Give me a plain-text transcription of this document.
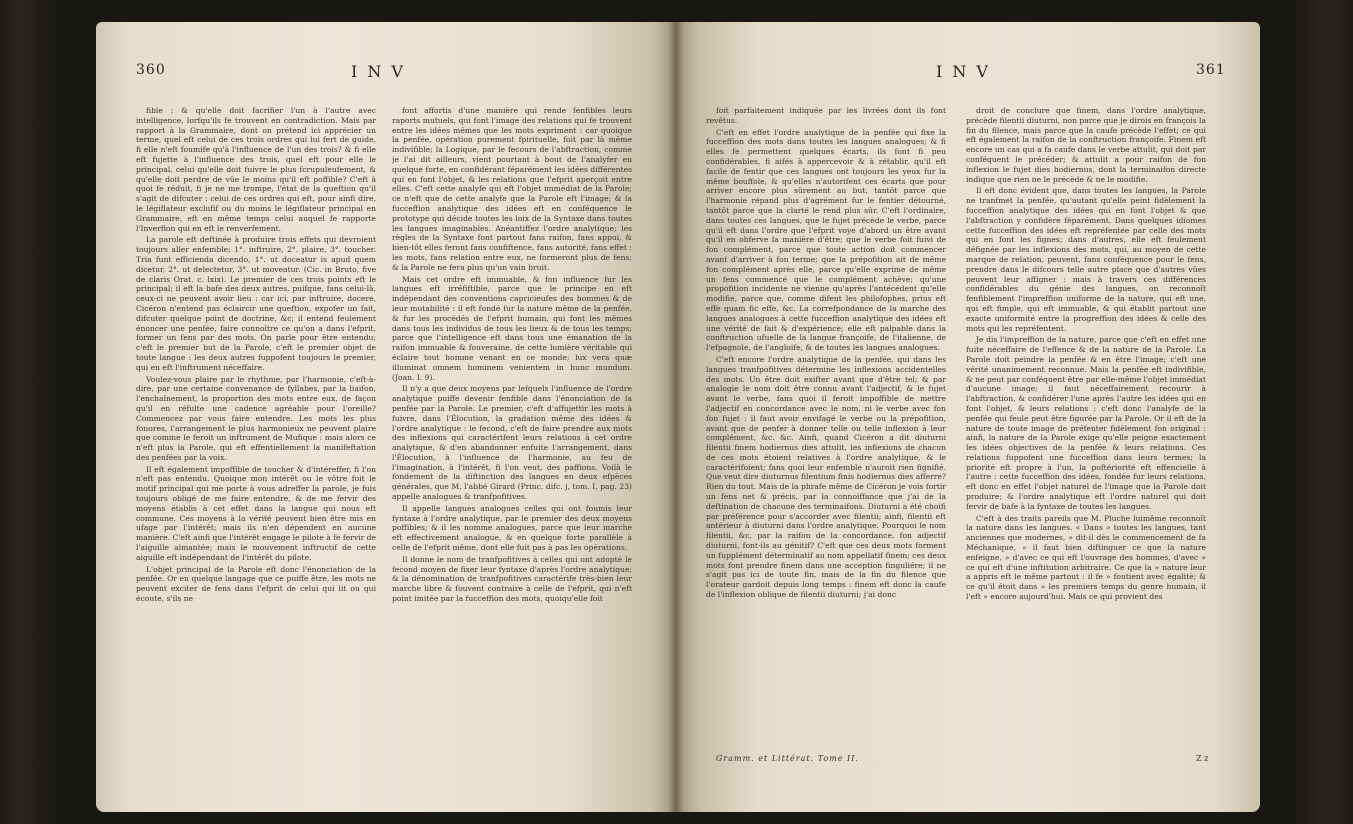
360	INV

fible ; & qu'elle doit facrifier l'un à l'autre avec intelligence, lorfqu'ils fe trouvent en contradiction. Mais par rapport à la Grammaire, dont on prétend ici apprécier un terme, quel eft celui de ces trois ordres qui lui fert de guide, fi elle n'eft foumife qu'à l'influence de l'un des trois? & fi elle eft fujette à l'influence des trois, quel eft pour elle le principal, celui qu'elle doit fuivre le plus fcrupuleufement, & qu'elle doit perdre de vûe le moins qu'il eft poffible? C'eft à quoi fe réduit, fi je ne me trompe, l'état de la queftion qu'il s'agit de difcuter : celui de ces ordres qui eft, pour ainfi dire, le légiflateur exclufif ou du moins le légiflateur principal en Grammaire, eft en même temps celui auquel fe rapporte l'Inverfion qui en eft le renverfement.

La parole eft deftinée à produire trois effets qui devroient toujours aller enfemble; 1°. inftruire, 2°. plaire, 3°. toucher. Tria funt efficienda dicendo, 1°. ut doceatur is apud quem dicetur, 2°. ut delectetur, 3°. ut moveatur. (Cic. in Bruto, five de claris Orat. c. lxix). Le premier de ces trois points eft le principal; il eft la bafe des deux autres, puifque, fans celui-là, ceux-ci ne peuvent avoir lieu : car ici, par inftruire, docere, Cicéron n'entend pas éclaircir une queftion, expofer un fait, difcuter quelque point de doctrine, &c; il entend feulement énoncer une penfée, faire connoître ce qu'on a dans l'efprit, former un fens par des mots. On parle pour être entendu; c'eft le premier but de la Parole, c'eft le premier objet de toute langue : les deux autres fuppofent toujours le premier, qui en eft l'inftrument néceffaire.

Voulez-vous plaire par le rhythme, par l'harmonie, c'eft-à-dire, par une certaine convenance de fyllabes, par la liaifon, l'enchaînement, la proportion des mots entre eux, de façon qu'il en réfulte une cadence agréable pour l'oreille? Commencez par vous faire entendre. Les mots les plus fonores, l'arrangement le plus harmonieux ne peuvent plaire que comme le feroit un inftrument de Mufique : mais alors ce n'eft plus la Parole, qui eft effentiellement la manifeftation des penfées par la voix.

Il eft également impoffible de toucher & d'intéreffer, fi l'on n'eft pas entendu. Quoique mon intérêt ou le vôtre foit le motif principal qui me porte à vous adreffer la parole, je fuis toujours obligé de me faire entendre, & de me fervir des moyens établis à cet effet dans la langue qui nous eft commune. Ces moyens à la vérité peuvent bien être mis en ufage par l'intérêt; mais ils n'en dépendent en aucune manière. C'eft ainfi que l'intérêt engage le pilote à fe fervir de l'aiguille aimantée; mais le mouvement inftructif de cette aiguille eft indépendant de l'intérêt du pilote.

L'objet principal de la Parole eft donc l'énonciation de la penfée. Or en quelque langage que ce puiffe être, les mots ne peuvent exciter de fens dans l'efprit de celui qui lit ou qui écoute, s'ils ne

font affortis d'une manière qui rende fenfibles leurs raports mutuels, qui font l'image des relations qui fe trouvent entre les idées mêmes que les mots expriment : car quoique la penfée, opération purement fpirituelle, foit par là même indivifible; la Logique, par le fecours de l'abftraction, comme je l'ai dit ailleurs, vient pourtant à bout de l'analyfer en quelque forte, en confidérant féparément les idées différentes qui en font l'objet, & les relations que l'efprit aperçoit entre elles. C'eft cette analyfe qui eft l'objet immédiat de la Parole; ce n'eft que de cette analyfe que la Parole eft l'image; & la fucceffion analytique des idées eft en conféquence le prototype qui décide toutes les loix de la Syntaxe dans toutes les langues imaginables. Anéantiffez l'ordre analytique; les règles de la Syntaxe font partout fans raifon, fans appui, & bien-tôt elles feront fans confiftence, fans autorité, fans effet : les mots, fans relation entre eux, ne formeront plus de fens; & la Parole ne fera plus qu'un vain bruit.

Mais cet ordre eft immuable, & fon influence fur les langues eft irréfiftible, parce que le principe en eft indépendant des conventions capricieufes des hommes & de leur mutabilité : il eft fondé fur la nature même de la penfée, & fur les procédés de l'efprit humain, qui font les mêmes dans tous les individus de tous les lieux & de tous les temps; parce que l'intelligence eft dans tous une émanation de la raifon immuable & fouveraine, de cette lumière véritable qui éclaire tout homme venant en ce monde; lux vera quæ illuminat omnem hominem venientem in hunc mundum. (Joan. I. 9).

Il n'y a que deux moyens par lefquels l'influence de l'ordre analytique puiffe devenir fenfible dans l'énonciation de la penfée par la Parole. Le premier, c'eft d'affujettir les mots à fuivre, dans l'Élocution, la gradation même des idées & l'ordre analytique : le fecond, c'eft de faire prendre aux mots des inflexions qui caractérifent leurs relations à cet ordre analytique, & d'en abandonner enfuite l'arrangement, dans l'Élocution, à l'influence de l'harmonie, au feu de l'imagination, à l'intérêt, fi l'on veut, des paffions. Voilà le fondement de la diftinction des langues en deux efpèces générales, que M. l'abbé Girard (Princ. difc. j, tom. I, pag. 23) appelle analogues & tranfpofitives.

Il appelle langues analogues celles qui ont foumis leur fyntaxe à l'ordre analytique, par le premier des deux moyens poffibles; & il les nomme analogues, parce que leur marche eft effectivement analogue, & en quelque forte parallèle à celle de l'efprit même, dont elle fuit pas à pas les opérations.

Il donne le nom de tranfpofitives à celles qui ont adopté le fecond moyen de fixer leur fyntaxe d'après l'ordre analytique; & la dénomination de tranfpofitives caractérife très-bien leur marche libre & fouvent contraire à celle de l'efprit, qui n'eft point imitée par la fucceffion des mots, quoiqu'elle foit

INV	361

foit parfaitement indiquée par les livrées dont ils font revêtus.

C'eft en effet l'ordre analytique de la penfée qui fixe la fucceffion des mots dans toutes les langues analogues; & fi elles fe permettent quelques écarts, ils font fi peu confidérables, fi aifés à appercevoir & à rétablir, qu'il eft facile de fentir que ces langues ont toujours les yeux fur la même bouffole, & qu'elles n'autorifent ces écarts que pour arriver encore plus sûrement au but, tantôt parce que l'harmonie répand plus d'agrément fur le fentier détourné, tantôt parce que la clarté le rend plus sûr. C'eft l'ordinaire, dans toutes ces langues, que le fujet précède le verbe, parce qu'il eft dans l'ordre que l'efprit voye d'abord un être avant qu'il en obferve la manière d'être; que le verbe foit fuivi de fon complément, parce que toute action doit commencer avant d'arriver à fon terme; que la prépofition ait de même fon complément après elle, parce qu'elle exprime de même un fens commencé que le complément achève; qu'une propofition incidente ne vienne qu'après l'antécédent qu'elle modifie, parce que, comme difent les philofophes, prius eft effe quam fic effe, &c. La correfpondance de la marche des langues analogues à cette fucceffion analytique des idées eft une vérité de fait & d'expérience; elle eft palpable dans la conftruction ufuelle de la langue françoife, de l'italienne, de l'efpagnole, de l'angloife, & de toutes les langues analogues.

C'eft encore l'ordre analytique de la penfée, qui dans les langues tranfpofitives détermine les inflexions accidentelles des mots. Un être doit exifter avant que d'être tel; & par analogie le nom doit être connu avant l'adjectif, & le fujet avant le verbe, fans quoi il feroit impoffible de mettre l'adjectif en concordance avec le nom, ni le verbe avec fon fon fujet : il faut avoir envifagé le verbe ou la prépofition, avant que de penfer à donner telle ou telle inflexion à leur complément, &c. &c. Ainfi, quand Cicéron a dit diuturni filentii finem hodiernus dies attulit, les inflexions de chacun de ces mots étoient relatives à l'ordre analytique, & le caractérifoient; fans quoi leur enfemble n'auroit rien fignifié. Que veut dire diuturnus filentium finis hodiernus dies afferre? Rien du tout. Mais de la phrafe même de Cicéron je vois fortir un fens net & précis, par la connoiffance que j'ai de la deftination de chacune des terminaifons. Diuturni a été choifi par préférence pour s'accorder avec filentii; ainfi, filentii eft antérieur à diuturni dans l'ordre analytique. Pourquoi le nom filentii, &c, par la raifon de la concordance, fon adjectif diuturni, font-ils au génitif? C'eft que ces deux mots forment un fupplément déterminatif au nom appellatif finem; ces deux mots font prendre finem dans une acception finguliére; il ne s'agit pas ici de toute fin, mais de la fin du filence que l'orateur gardoit depuis long temps : finem eft donc la caufe de l'inflexion oblique de filentii diuturni; j'ai donc

droit de conclure que finem, dans l'ordre analytique, précède filentii diuturni, non parce que je dirois en françois la fin du filence, mais parce que la caufe précède l'effet; ce qui eft également la raifon de la conftruction françoife. Finem eft encore un cas qui a fa caufe dans le verbe attulit, qui doit par conféquent le précéder; & attulit a pour raifon de fon inflexion le fujet dies hodiernus, dont la terminaifon directe indique que rien ne le précède & ne le modifie.

Il eft donc évident que, dans toutes les langues, la Parole ne tranfmet la penfée, qu'autant qu'elle peint fidèlement la fucceffion analytique des idées qui en font l'objet & que l'abftraction y confidère féparément. Dans quelques idiomes cette fucceffion des idées eft repréfentée par celle des mots qui en font les fignes; dans d'autres, elle eft feulement défignée par les inflexions des mots, qui, au moyen de cette marque de relation, peuvent, fans conféquence pour le fens, prendre dans le difcours telle autre place que d'autres vûes peuvent leur affigner : mais à travers ces différences confidérables du génie des langues, on reconnoît fenfiblement l'impreffion uniforme de la nature, qui eft une, qui eft fimple, qui eft immuable, & qui établit partout une exacte uniformité entre la progreffion des idées & celle des mots qui les repréfentent.

Je dis l'impreffion de la nature, parce que c'eft en effet une fuite néceffaire de l'effence & de la nature de la Parole. La Parole doit peindre la penfée & en être l'image; c'eft une vérité unanimement reconnue. Mais la penfée eft indivifible, & ne peut par conféquent être par elle-même l'objet immédiat d'aucune image; il faut néceffairement recourir à l'abftraction, & confidérer l'une après l'autre les idées qui en font l'objet, & leurs relations : c'eft donc l'analyfe de la penfée qui feule peut être figurée par la Parole. Or il eft de la nature de toute image de préfenter fidèlement fon original : ainfi, la nature de la Parole exige qu'elle peigne exactement les idées objectives de la penfée & leurs relations. Ces relations fuppofent une fucceffion dans leurs termes; la priorité eft propre à l'un, la poftériorité eft effencielle à l'autre : cette fucceffion des idées, fondée fur leurs relations, eft donc en effet l'objet naturel de l'image que la Parole doit produire; & l'ordre analytique eft l'ordre naturel qui doit fervir de bafe à la fyntaxe de toutes les langues.

C'eft à des traits pareils que M. Pluche luimême reconnoît la nature dans les langues. « Dans » toutes les langues, tant anciennes que modernes, » dit-il dès le commencement de fa Méchanique, » il faut bien diftinguer ce que la nature enfeigne, » d'avec ce qui eft l'ouvrage des hommes, d'avec » ce qui eft d'une inftitution arbitraire. Ce que la » nature leur a appris eft le même partout : il fe » foutient avec égalité; & ce qu'il étoit dans » les premiers temps du genre humain, il l'eft » encore aujourd'hui. Mais ce qui provient des

Gramm. et Littérat. Tome II.	Z z
